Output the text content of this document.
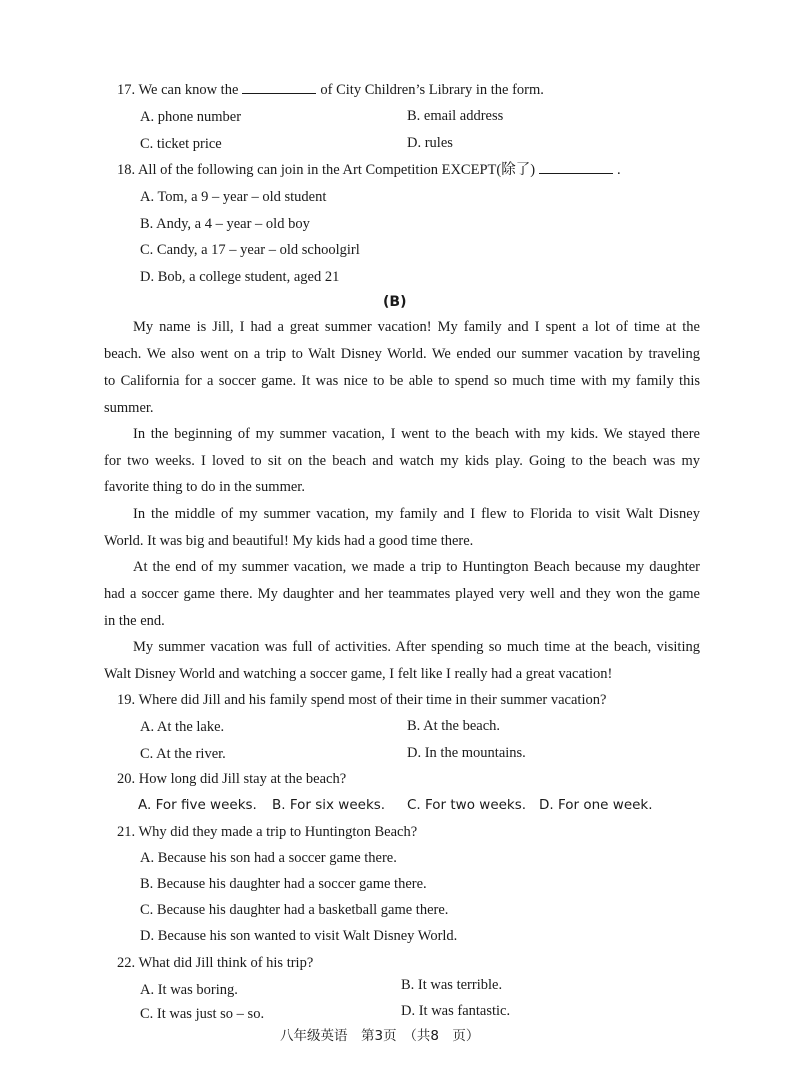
17. We can know the	of City Children’s Library in the form.
A. phone number	B. email address
C. ticket price	D. rules
18. All of the following can join in the Art Competition EXCEPT(除了)	.
A. Tom, a 9 – year – old student
B. Andy, a 4 – year – old boy
C. Candy, a 17 – year – old schoolgirl
D. Bob, a college student, aged 21
(B)
My name is Jill, I had a great summer vacation! My family and I spent a lot of time at the
beach. We also went on a trip to Walt Disney World. We ended our summer vacation by traveling
to California for a soccer game. It was nice to be able to spend so much time with my family this
summer.
In the beginning of my summer vacation, I went to the beach with my kids. We stayed there
for two weeks. I loved to sit on the beach and watch my kids play. Going to the beach was my
favorite thing to do in the summer.
In the middle of my summer vacation, my family and I flew to Florida to visit Walt Disney
World. It was big and beautiful! My kids had a good time there.
At the end of my summer vacation, we made a trip to Huntington Beach because my daughter
had a soccer game there. My daughter and her teammates played very well and they won the game
in the end.
My summer vacation was full of activities. After spending so much time at the beach, visiting
Walt Disney World and watching a soccer game, I felt like I really had a great vacation!
19. Where did Jill and his family spend most of their time in their summer vacation?
A. At the lake.	B. At the beach.
C. At the river.	D. In the mountains.
20. How long did Jill stay at the beach?
A. For five weeks. B. For six weeks. C. For two weeks. D. For one week.
21. Why did they made a trip to Huntington Beach?
A. Because his son had a soccer game there.
B. Because his daughter had a soccer game there.
C. Because his daughter had a basketball game there.
D. Because his son wanted to visit Walt Disney World.
22. What did Jill think of his trip?
A. It was boring.	B. It was terrible.
C. It was just so – so.	D. It was fantastic.
八年级英语　第3页　（共8　页）
